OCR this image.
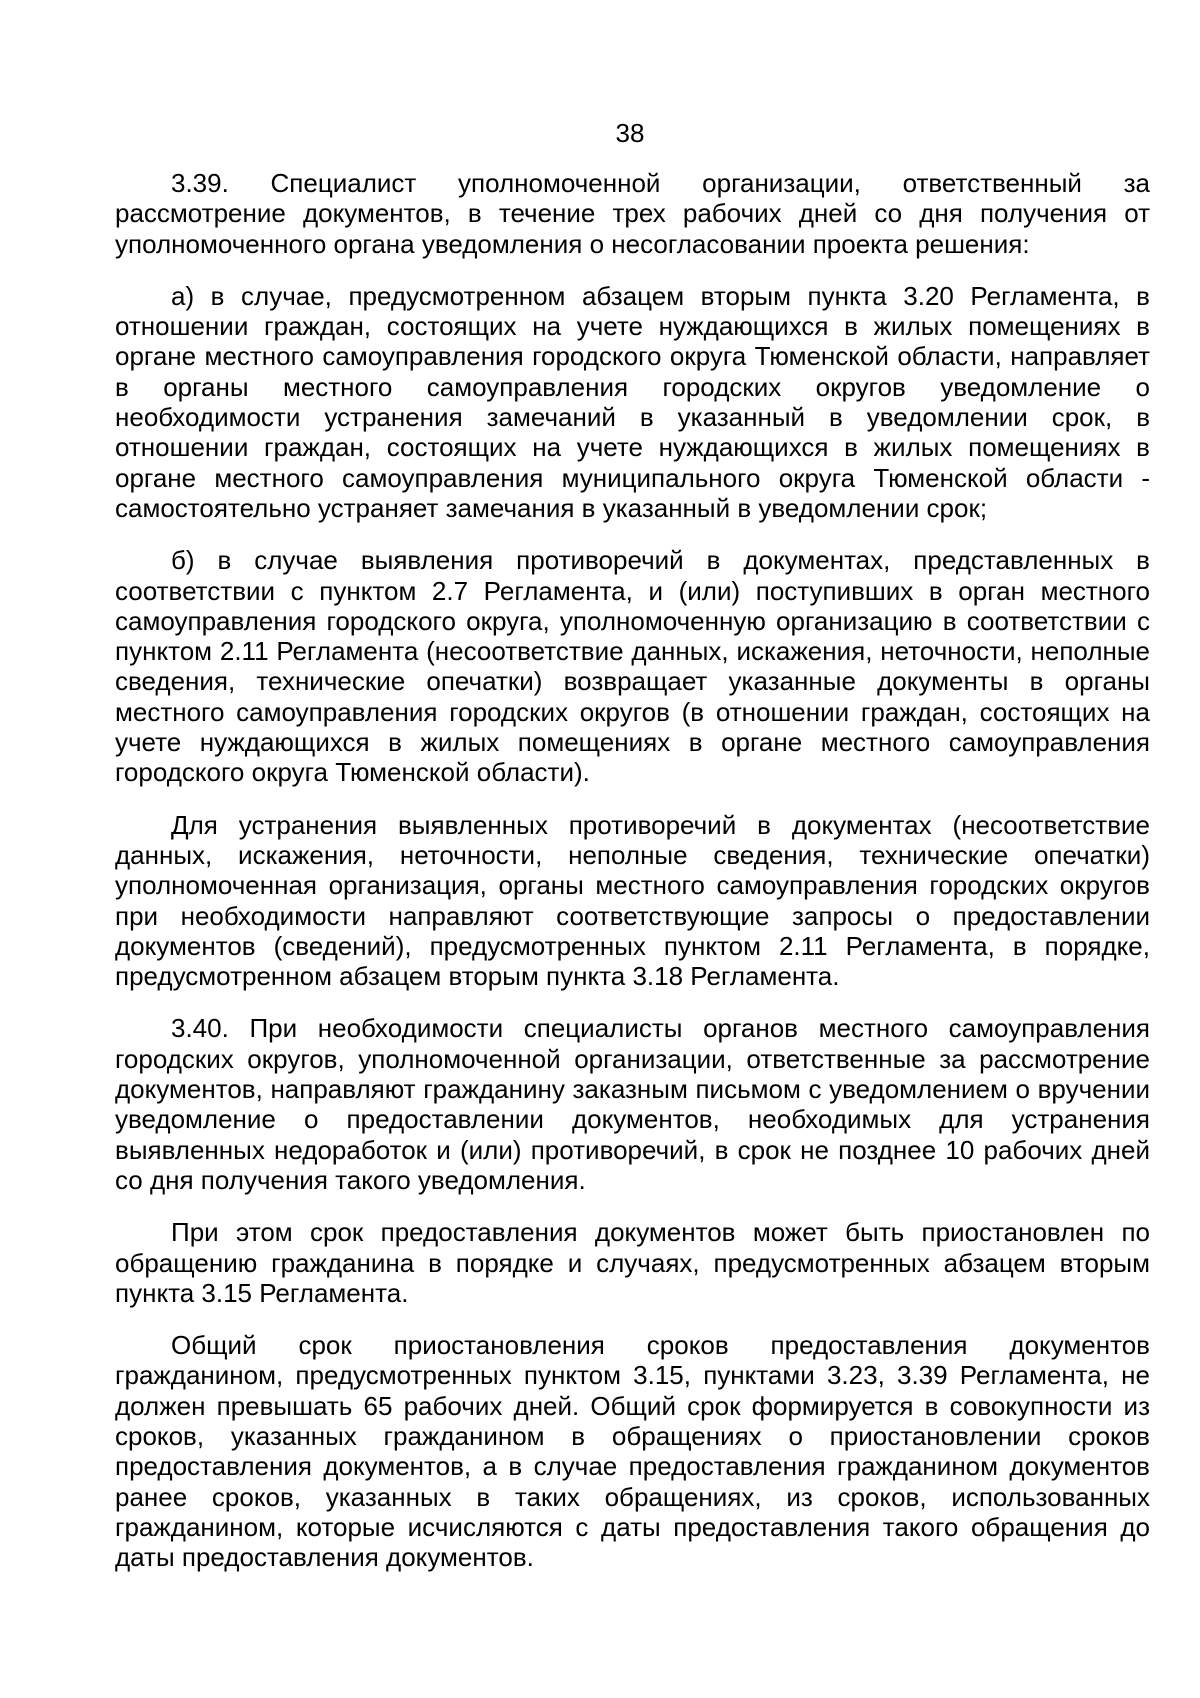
38

3.39. Специалист уполномоченной организации, ответственный за рассмотрение документов, в течение трех рабочих дней со дня получения от уполномоченного органа уведомления о несогласовании проекта решения:

а) в случае, предусмотренном абзацем вторым пункта 3.20 Регламента, в отношении граждан, состоящих на учете нуждающихся в жилых помещениях в органе местного самоуправления городского округа Тюменской области, направляет в органы местного самоуправления городских округов уведомление о необходимости устранения замечаний в указанный в уведомлении срок, в отношении граждан, состоящих на учете нуждающихся в жилых помещениях в органе местного самоуправления муниципального округа Тюменской области - самостоятельно устраняет замечания в указанный в уведомлении срок;

б) в случае выявления противоречий в документах, представленных в соответствии с пунктом 2.7 Регламента, и (или) поступивших в орган местного самоуправления городского округа, уполномоченную организацию в соответствии с пунктом 2.11 Регламента (несоответствие данных, искажения, неточности, неполные сведения, технические опечатки) возвращает указанные документы в органы местного самоуправления городских округов (в отношении граждан, состоящих на учете нуждающихся в жилых помещениях в органе местного самоуправления городского округа Тюменской области).

Для устранения выявленных противоречий в документах (несоответствие данных, искажения, неточности, неполные сведения, технические опечатки) уполномоченная организация, органы местного самоуправления городских округов при необходимости направляют соответствующие запросы о предоставлении документов (сведений), предусмотренных пунктом 2.11 Регламента, в порядке, предусмотренном абзацем вторым пункта 3.18 Регламента.

3.40. При необходимости специалисты органов местного самоуправления городских округов, уполномоченной организации, ответственные за рассмотрение документов, направляют гражданину заказным письмом с уведомлением о вручении уведомление о предоставлении документов, необходимых для устранения выявленных недоработок и (или) противоречий, в срок не позднее 10 рабочих дней со дня получения такого уведомления.

При этом срок предоставления документов может быть приостановлен по обращению гражданина в порядке и случаях, предусмотренных абзацем вторым пункта 3.15 Регламента.

Общий срок приостановления сроков предоставления документов гражданином, предусмотренных пунктом 3.15, пунктами 3.23, 3.39 Регламента, не должен превышать 65 рабочих дней. Общий срок формируется в совокупности из сроков, указанных гражданином в обращениях о приостановлении сроков предоставления документов, а в случае предоставления гражданином документов ранее сроков, указанных в таких обращениях, из сроков, использованных гражданином, которые исчисляются с даты предоставления такого обращения до даты предоставления документов.
